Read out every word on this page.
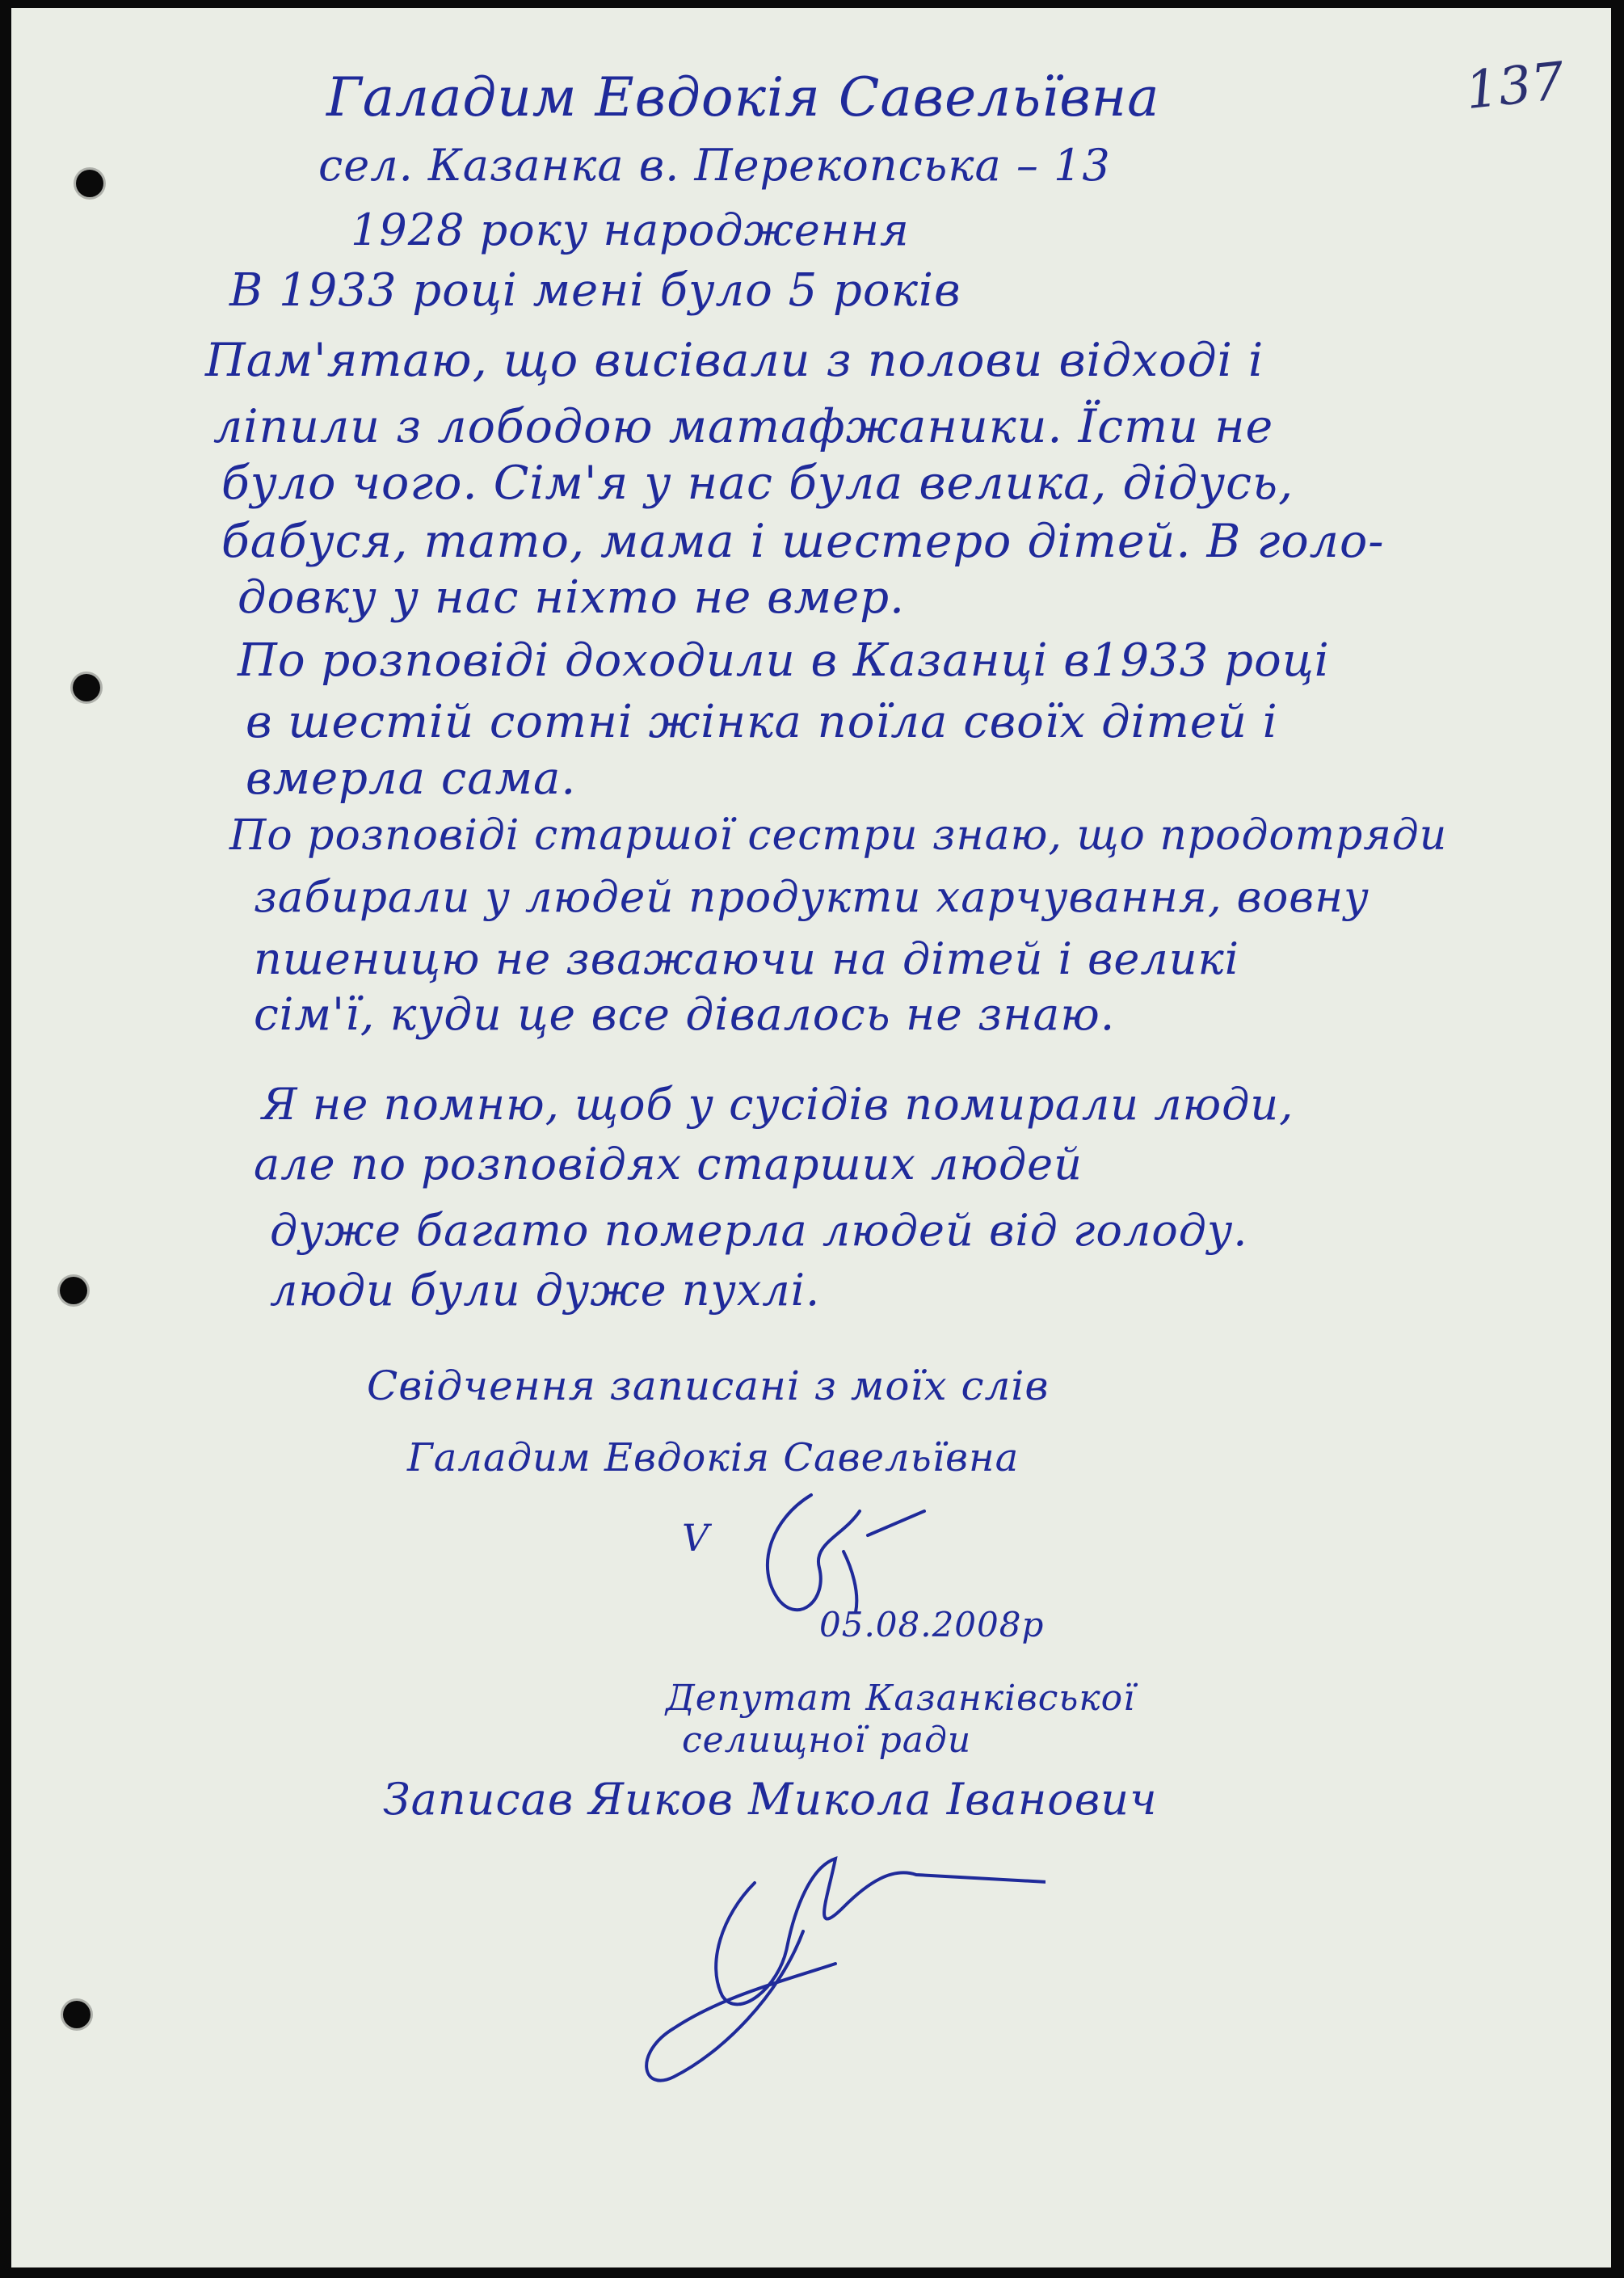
137
Галадим Евдокія Савельївна
сел. Казанка в. Перекопська – 13
1928 року народження
В 1933 році мені було 5 років
Пам'ятаю, що висівали з полови відході і
ліпили з лободою матафжаники. Їсти не
було чого. Сім'я у нас була велика, дідусь,
бабуся, тато, мама і шестеро дітей. В голо-
довку у нас ніхто не вмер.
По розповіді доходили в Казанці в1933 році
в шестій сотні жінка поїла своїх дітей і
вмерла сама.
По розповіді старшої сестри знаю, що продотряди
забирали у людей продукти харчування, вовну
пшеницю не зважаючи на дітей і великі
сім'ї, куди це все дівалось не знаю.
Я не помню, щоб у сусідів помирали люди,
але по розповідях старших людей
дуже багато померла людей від голоду.
люди були дуже пухлі.
Свідчення записані з моїх слів
Галадим Евдокія Савельївна
V
05.08.2008р
Депутат Казанківської
селищної ради
Записав Яиков Микола Іванович
